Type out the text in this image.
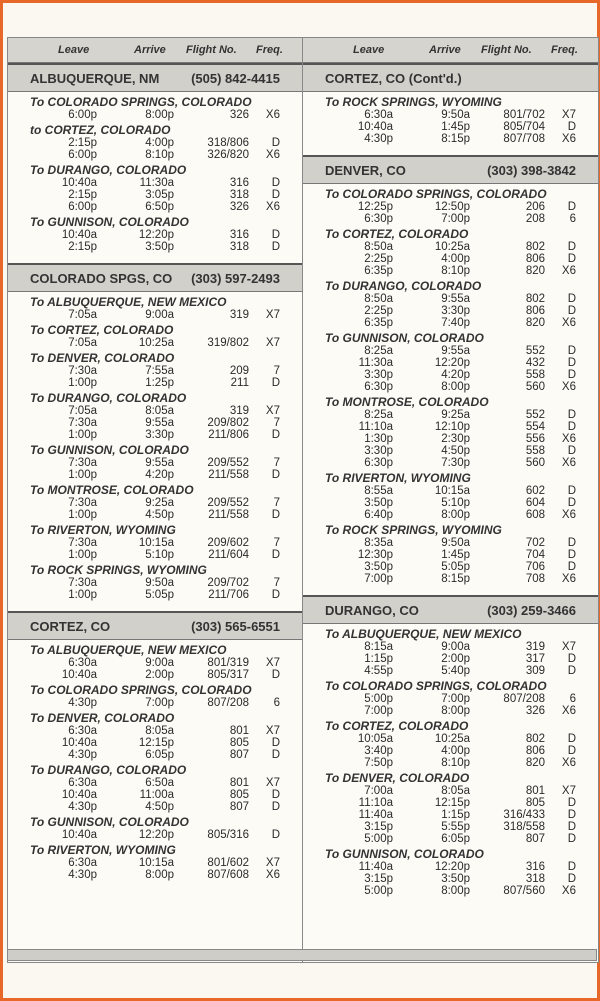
Leave	Arrive Flight No. Freq.
ALBUQUERQUE, NM (505) 842-4415
To COLORADO SPRINGS, COLORADO
6:00p	8:00p	326 X6
to CORTEZ, COLORADO
2:15p	4:00p	318/806 D
6:00p	8:10p	326/820 X6
To DURANGO, COLORADO
10:40a	11:30a	316 D
2:15p	3:05p	318 D
6:00p	6:50p	326 X6
To GUNNISON, COLORADO
10:40a	12:20p	316 D
2:15p	3:50p	318 D
COLORADO SPGS, CO (303) 597-2493
To ALBUQUERQUE, NEW MEXICO
7:05a	9:00a	319 X7
To CORTEZ, COLORADO
7:05a	10:25a	319/802 X7
To DENVER, COLORADO
7:30a	7:55a	209 7
1:00p	1:25p	211 D
To DURANGO, COLORADO
7:05a	8:05a	319 X7
7:30a	9:55a	209/802 7
1:00p	3:30p	211/806 D
To GUNNISON, COLORADO
7:30a	9:55a	209/552 7
1:00p	4:20p	211/558 D
To MONTROSE, COLORADO
7:30a	9:25a	209/552 7
1:00p	4:50p	211/558 D
To RIVERTON, WYOMING
7:30a	10:15a	209/602 7
1:00p	5:10p	211/604 D
To ROCK SPRINGS, WYOMING
7:30a	9:50a	209/702 7
1:00p	5:05p	211/706 D
CORTEZ, CO	(303) 565-6551
To ALBUQUERQUE, NEW MEXICO
6:30a	9:00a	801/319 X7
10:40a	2:00p	805/317 D
To COLORADO SPRINGS, COLORADO
4:30p	7:00p	807/208 6
To DENVER, COLORADO
6:30a	8:05a	801 X7
10:40a	12:15p	805 D
4:30p	6:05p	807 D
To DURANGO, COLORADO
6:30a	6:50a	801 X7
10:40a	11:00a	805 D
4:30p	4:50p	807 D
To GUNNISON, COLORADO
10:40a	12:20p	805/316 D
To RIVERTON, WYOMING
6:30a	10:15a	801/602 X7
4:30p	8:00p	807/608 X6
Leave	Arrive Flight No. Freq.
CORTEZ, CO (Cont'd.)
To ROCK SPRINGS, WYOMING
6:30a	9:50a	801/702 X7
10:40a	1:45p	805/704 D
4:30p	8:15p	807/708 X6
DENVER, CO	(303) 398-3842
To COLORADO SPRINGS, COLORADO
12:25p	12:50p	206 D
6:30p	7:00p	208 6
To CORTEZ, COLORADO
8:50a	10:25a	802 D
2:25p	4:00p	806 D
6:35p	8:10p	820 X6
To DURANGO, COLORADO
8:50a	9:55a	802 D
2:25p	3:30p	806 D
6:35p	7:40p	820 X6
To GUNNISON, COLORADO
8:25a	9:55a	552 D
11:30a	12:20p	432 D
3:30p	4:20p	558 D
6:30p	8:00p	560 X6
To MONTROSE, COLORADO
8:25a	9:25a	552 D
11:10a	12:10p	554 D
1:30p	2:30p	556 X6
3:30p	4:50p	558 D
6:30p	7:30p	560 X6
To RIVERTON, WYOMING
8:55a	10:15a	602 D
3:50p	5:10p	604 D
6:40p	8:00p	608 X6
To ROCK SPRINGS, WYOMING
8:35a	9:50a	702 D
12:30p	1:45p	704 D
3:50p	5:05p	706 D
7:00p	8:15p	708 X6
DURANGO, CO	(303) 259-3466
To ALBUQUERQUE, NEW MEXICO
8:15a	9:00a	319 X7
1:15p	2:00p	317 D
4:55p	5:40p	309 D
To COLORADO SPRINGS, COLORADO
5:00p	7:00p	807/208 6
7:00p	8:00p	326 X6
To CORTEZ, COLORADO
10:05a	10:25a	802 D
3:40p	4:00p	806 D
7:50p	8:10p	820 X6
To DENVER, COLORADO
7:00a	8:05a	801 X7
11:10a	12:15p	805 D
11:40a	1:15p	316/433 D
3:15p	5:55p	318/558 D
5:00p	6:05p	807 D
To GUNNISON, COLORADO
11:40a	12:20p	316 D
3:15p	3:50p	318 D
5:00p	8:00p	807/560 X6
